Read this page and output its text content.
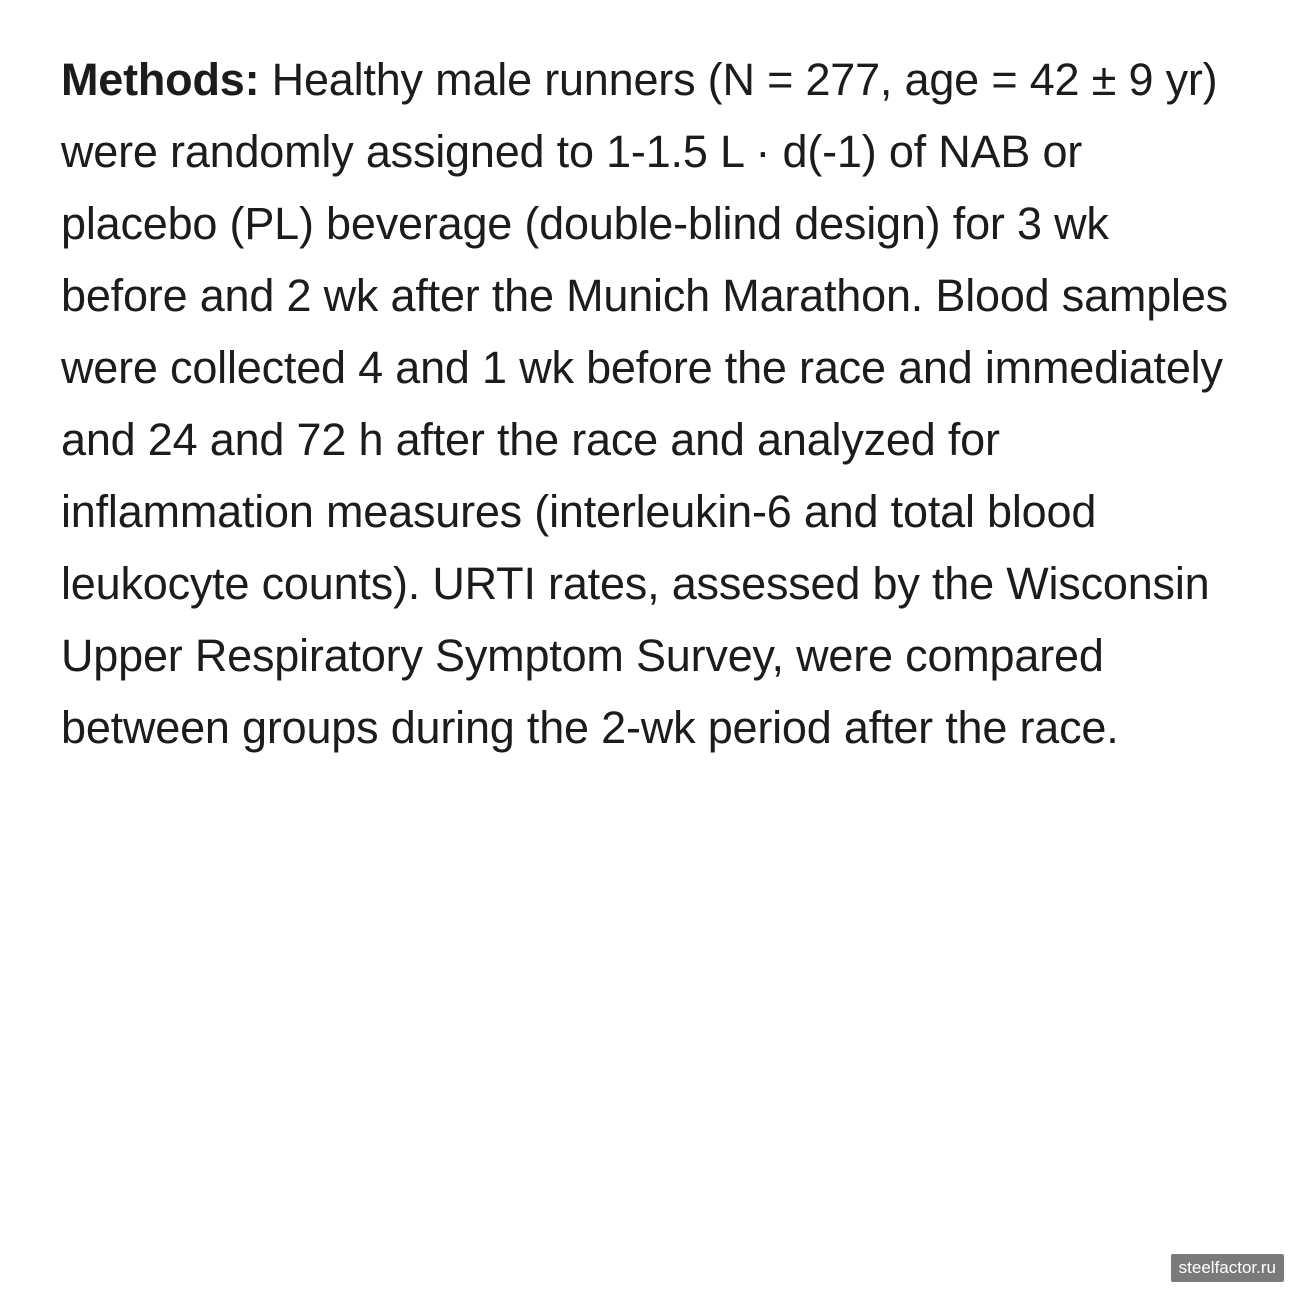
Methods: Healthy male runners (N = 277, age = 42 ± 9 yr) were randomly assigned to 1-1.5 L · d(-1) of NAB or placebo (PL) beverage (double-blind design) for 3 wk before and 2 wk after the Munich Marathon. Blood samples were collected 4 and 1 wk before the race and immediately and 24 and 72 h after the race and analyzed for inflammation measures (interleukin-6 and total blood leukocyte counts). URTI rates, assessed by the Wisconsin Upper Respiratory Symptom Survey, were compared between groups during the 2-wk period after the race.

steelfactor.ru
